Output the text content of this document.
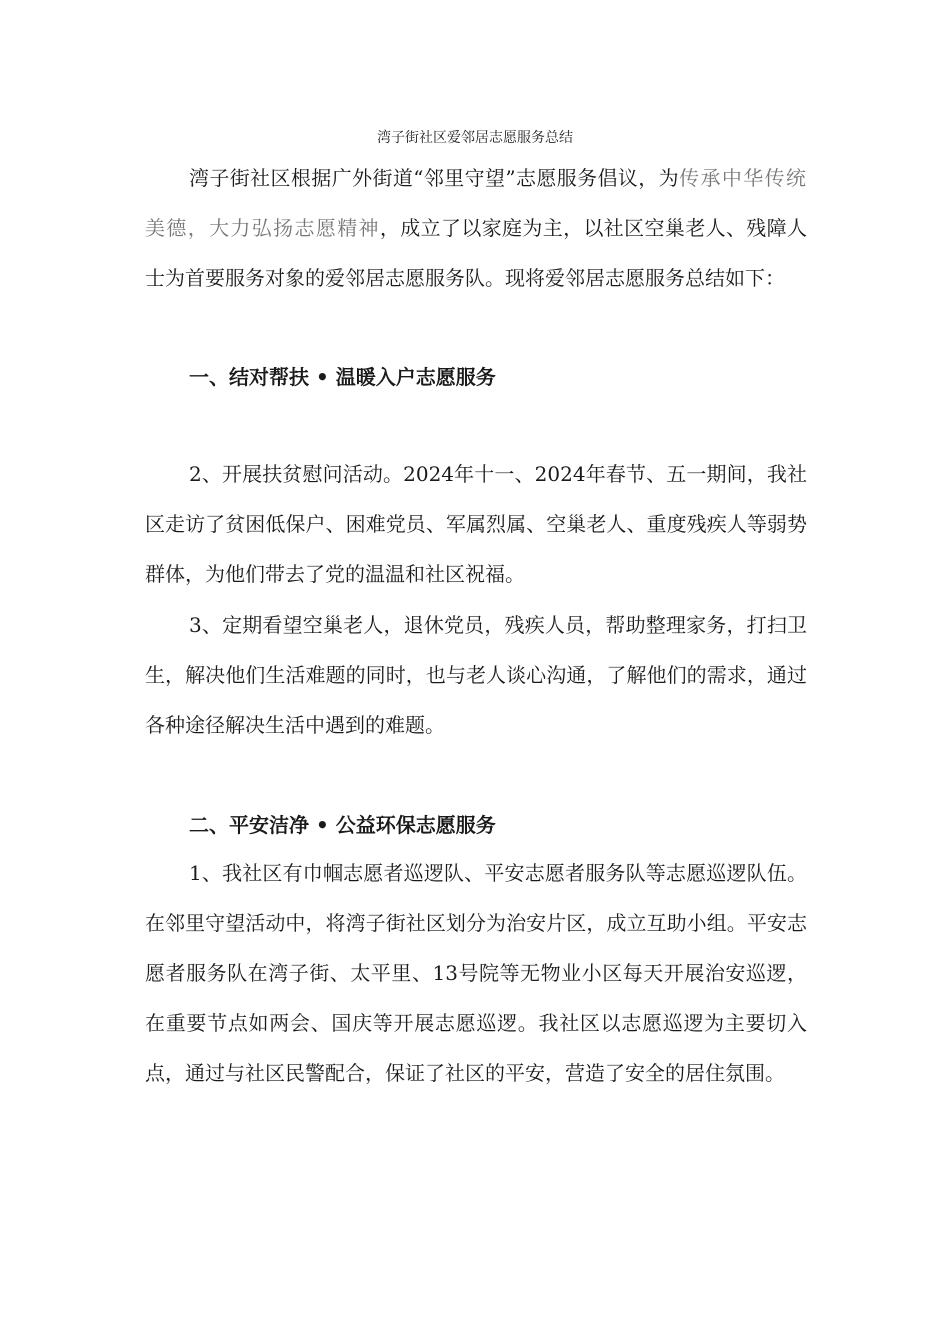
湾子街社区爱邻居志愿服务总结

湾子街社区根据广外街道“邻里守望”志愿服务倡议，为传承中华传统美德，大力弘扬志愿精神，成立了以家庭为主，以社区空巢老人、残障人士为首要服务对象的爱邻居志愿服务队。现将爱邻居志愿服务总结如下：

一、结对帮扶 • 温暖入户志愿服务

2、开展扶贫慰问活动。2024年十一、2024年春节、五一期间，我社区走访了贫困低保户、困难党员、军属烈属、空巢老人、重度残疾人等弱势群体，为他们带去了党的温温和社区祝福。

3、定期看望空巢老人，退休党员，残疾人员，帮助整理家务，打扫卫生，解决他们生活难题的同时，也与老人谈心沟通，了解他们的需求，通过各种途径解决生活中遇到的难题。

二、平安洁净 • 公益环保志愿服务

1、我社区有巾帼志愿者巡逻队、平安志愿者服务队等志愿巡逻队伍。在邻里守望活动中，将湾子街社区划分为治安片区，成立互助小组。平安志愿者服务队在湾子街、太平里、13号院等无物业小区每天开展治安巡逻，在重要节点如两会、国庆等开展志愿巡逻。我社区以志愿巡逻为主要切入点，通过与社区民警配合，保证了社区的平安，营造了安全的居住氛围。
